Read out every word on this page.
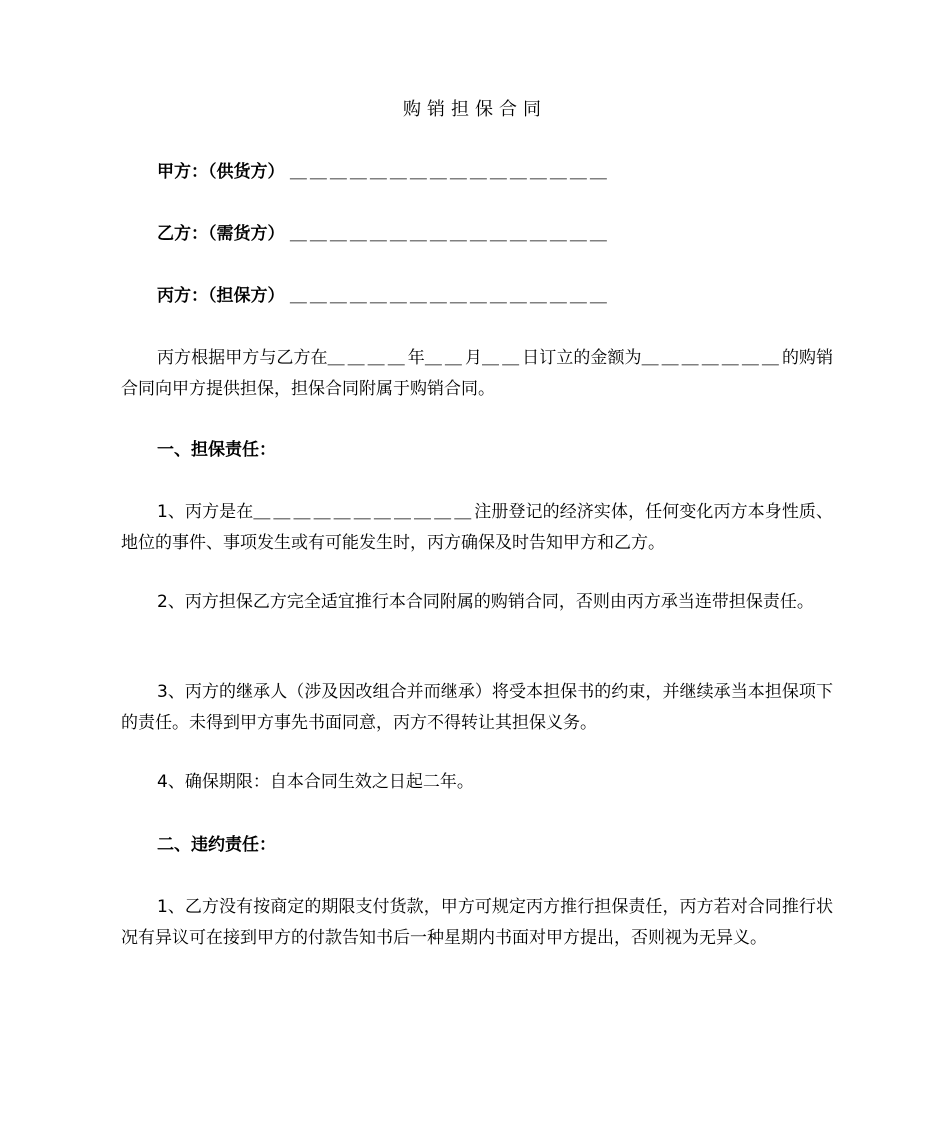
购销担保合同
甲方：（供货方） ＿＿＿＿＿＿＿＿＿＿＿＿＿＿＿＿
乙方：（需货方） ＿＿＿＿＿＿＿＿＿＿＿＿＿＿＿＿
丙方：（担保方） ＿＿＿＿＿＿＿＿＿＿＿＿＿＿＿＿
丙方根据甲方与乙方在＿＿＿＿年＿＿月＿＿日订立的金额为＿＿＿＿＿＿＿的购销合同向甲方提供担保，担保合同附属于购销合同。
一、担保责任：
1、丙方是在＿＿＿＿＿＿＿＿＿＿＿注册登记的经济实体，任何变化丙方本身性质、地位的事件、事项发生或有可能发生时，丙方确保及时告知甲方和乙方。
2、丙方担保乙方完全适宜推行本合同附属的购销合同，否则由丙方承当连带担保责任。
3、丙方的继承人（涉及因改组合并而继承）将受本担保书的约束，并继续承当本担保项下的责任。未得到甲方事先书面同意，丙方不得转让其担保义务。
4、确保期限：自本合同生效之日起二年。
二、违约责任：
1、乙方没有按商定的期限支付货款，甲方可规定丙方推行担保责任，丙方若对合同推行状况有异议可在接到甲方的付款告知书后一种星期内书面对甲方提出，否则视为无异义。
